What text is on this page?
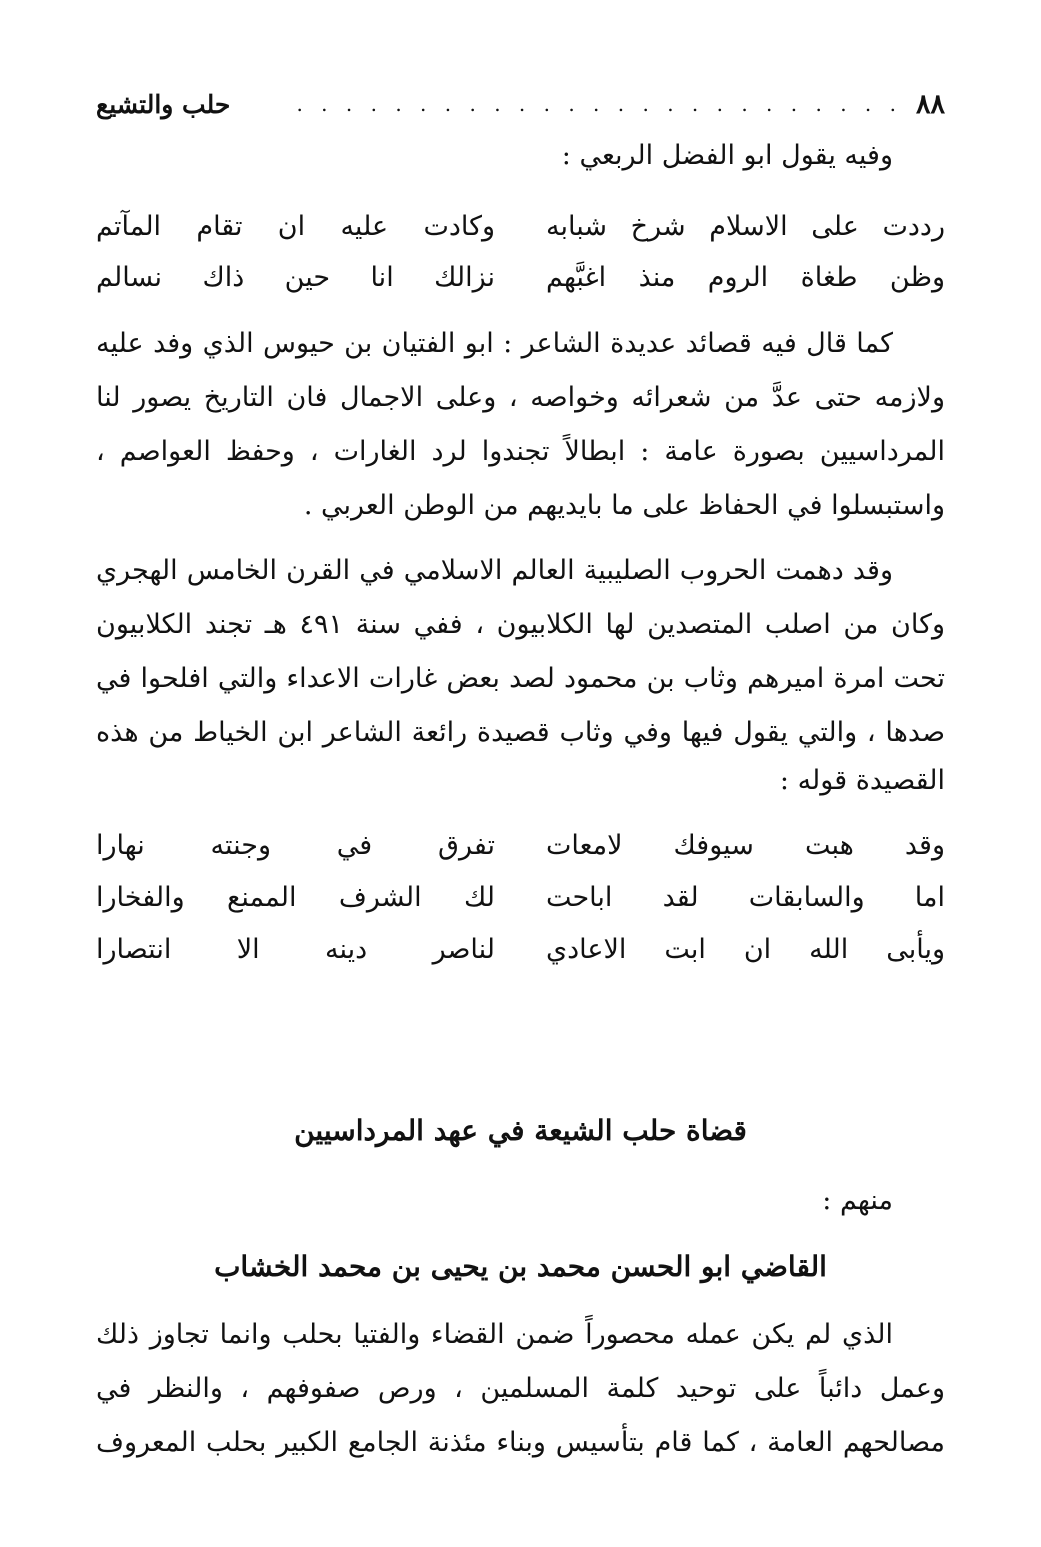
٨٨
. . . . . . . . . . . . . . . . . . . . . . . . .
حلب والتشيع
وفيه يقول ابو الفضل الربعي :
رددت على الاسلام شرخ شبابه
وكادت عليه ان تقام المآتم
وظن طغاة الروم منذ اغبَّهم
نزالك انا حين ذاك نسالم
كما قال فيه قصائد عديدة الشاعر : ابو الفتيان بن حيوس الذي وفد عليه
ولازمه حتى عدَّ من شعرائه وخواصه ، وعلى الاجمال فان التاريخ يصور لنا
المرداسيين بصورة عامة : ابطالاً تجندوا لرد الغارات ، وحفظ العواصم ،
واستبسلوا في الحفاظ على ما بايديهم من الوطن العربي .
وقد دهمت الحروب الصليبية العالم الاسلامي في القرن الخامس الهجري
وكان من اصلب المتصدين لها الكلابيون ، ففي سنة ٤٩١ هـ تجند الكلابيون
تحت امرة اميرهم وثاب بن محمود لصد بعض غارات الاعداء والتي افلحوا في
صدها ، والتي يقول فيها وفي وثاب قصيدة رائعة الشاعر ابن الخياط من هذه
القصيدة قوله :
وقد هبت سيوفك لامعات
تفرق في وجنته نهارا
اما والسابقات لقد اباحت
لك الشرف الممنع والفخارا
ويأبى الله ان ابت الاعادي
لناصر دينه الا انتصارا
قضاة حلب الشيعة في عهد المرداسيين
منهم :
القاضي ابو الحسن محمد بن يحيى بن محمد الخشاب
الذي لم يكن عمله محصوراً ضمن القضاء والفتيا بحلب وانما تجاوز ذلك
وعمل دائباً على توحيد كلمة المسلمين ، ورص صفوفهم ، والنظر في
مصالحهم العامة ، كما قام بتأسيس وبناء مئذنة الجامع الكبير بحلب المعروف
